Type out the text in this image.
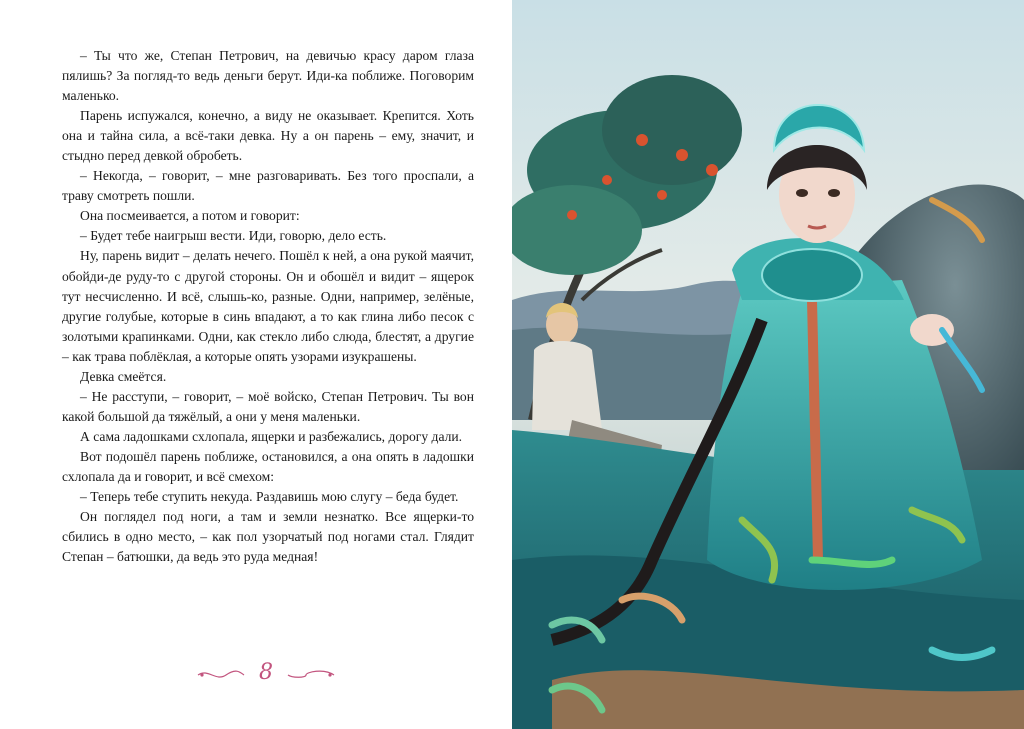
– Ты что же, Степан Петрович, на девичью красу даром глаза пялишь? За погляд-то ведь деньги берут. Иди-ка поближе. Поговорим маленько.

Парень испужался, конечно, а виду не оказывает. Крепится. Хоть она и тайна сила, а всё-таки девка. Ну а он парень – ему, значит, и стыдно перед девкой обробеть.

– Некогда, – говорит, – мне разговаривать. Без того проспали, а траву смотреть пошли.

Она посмеивается, а потом и говорит:

– Будет тебе наигрыш вести. Иди, говорю, дело есть.

Ну, парень видит – делать нечего. Пошёл к ней, а она рукой маячит, обойди-де руду-то с другой стороны. Он и обошёл и видит – ящерок тут несчисленно. И всё, слышь-ко, разные. Одни, например, зелёные, другие голубые, которые в синь впадают, а то как глина либо песок с золотыми крапинками. Одни, как стекло либо слюда, блестят, а другие – как трава поблёклая, а которые опять узорами изукрашены.

Девка смеётся.

– Не расступи, – говорит, – моё войско, Степан Петрович. Ты вон какой большой да тяжёлый, а они у меня маленьки.

А сама ладошками схлопала, ящерки и разбежались, дорогу дали.

Вот подошёл парень поближе, остановился, а она опять в ладошки схлопала да и говорит, и всё смехом:

– Теперь тебе ступить некуда. Раздавишь мою слугу – беда будет.

Он поглядел под ноги, а там и земли незнатко. Все ящерки-то сбились в одно место, – как пол узорчатый под ногами стал. Глядит Степан – батюшки, да ведь это руда медная!

8
